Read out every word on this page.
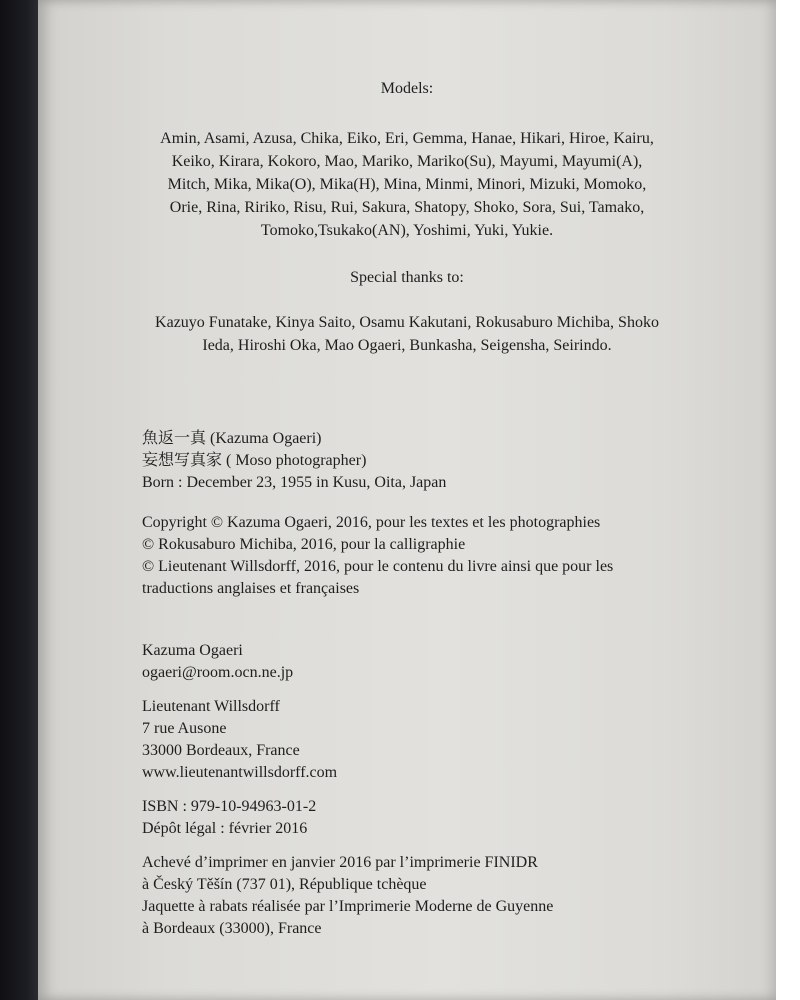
Models:
Amin, Asami, Azusa, Chika, Eiko, Eri, Gemma, Hanae, Hikari, Hiroe, Kairu,
Keiko, Kirara, Kokoro, Mao, Mariko, Mariko(Su), Mayumi, Mayumi(A),
Mitch, Mika, Mika(O), Mika(H), Mina, Minmi, Minori, Mizuki, Momoko,
Orie, Rina, Ririko, Risu, Rui, Sakura, Shatopy, Shoko, Sora, Sui, Tamako,
Tomoko,Tsukako(AN), Yoshimi, Yuki, Yukie.
Special thanks to:
Kazuyo Funatake, Kinya Saito, Osamu Kakutani, Rokusaburo Michiba, Shoko
Ieda, Hiroshi Oka, Mao Ogaeri, Bunkasha, Seigensha, Seirindo.
魚返一真 (Kazuma Ogaeri)
妄想写真家 ( Moso photographer)
Born : December 23, 1955 in Kusu, Oita, Japan
Copyright © Kazuma Ogaeri, 2016, pour les textes et les photographies
© Rokusaburo Michiba, 2016, pour la calligraphie
© Lieutenant Willsdorff, 2016, pour le contenu du livre ainsi que pour les
traductions anglaises et françaises
Kazuma Ogaeri
ogaeri@room.ocn.ne.jp
Lieutenant Willsdorff
7 rue Ausone
33000 Bordeaux, France
www.lieutenantwillsdorff.com
ISBN : 979-10-94963-01-2
Dépôt légal : février 2016
Achevé d’imprimer en janvier 2016 par l’imprimerie FINIDR
à Český Těšín (737 01), République tchèque
Jaquette à rabats réalisée par l’Imprimerie Moderne de Guyenne
à Bordeaux (33000), France
